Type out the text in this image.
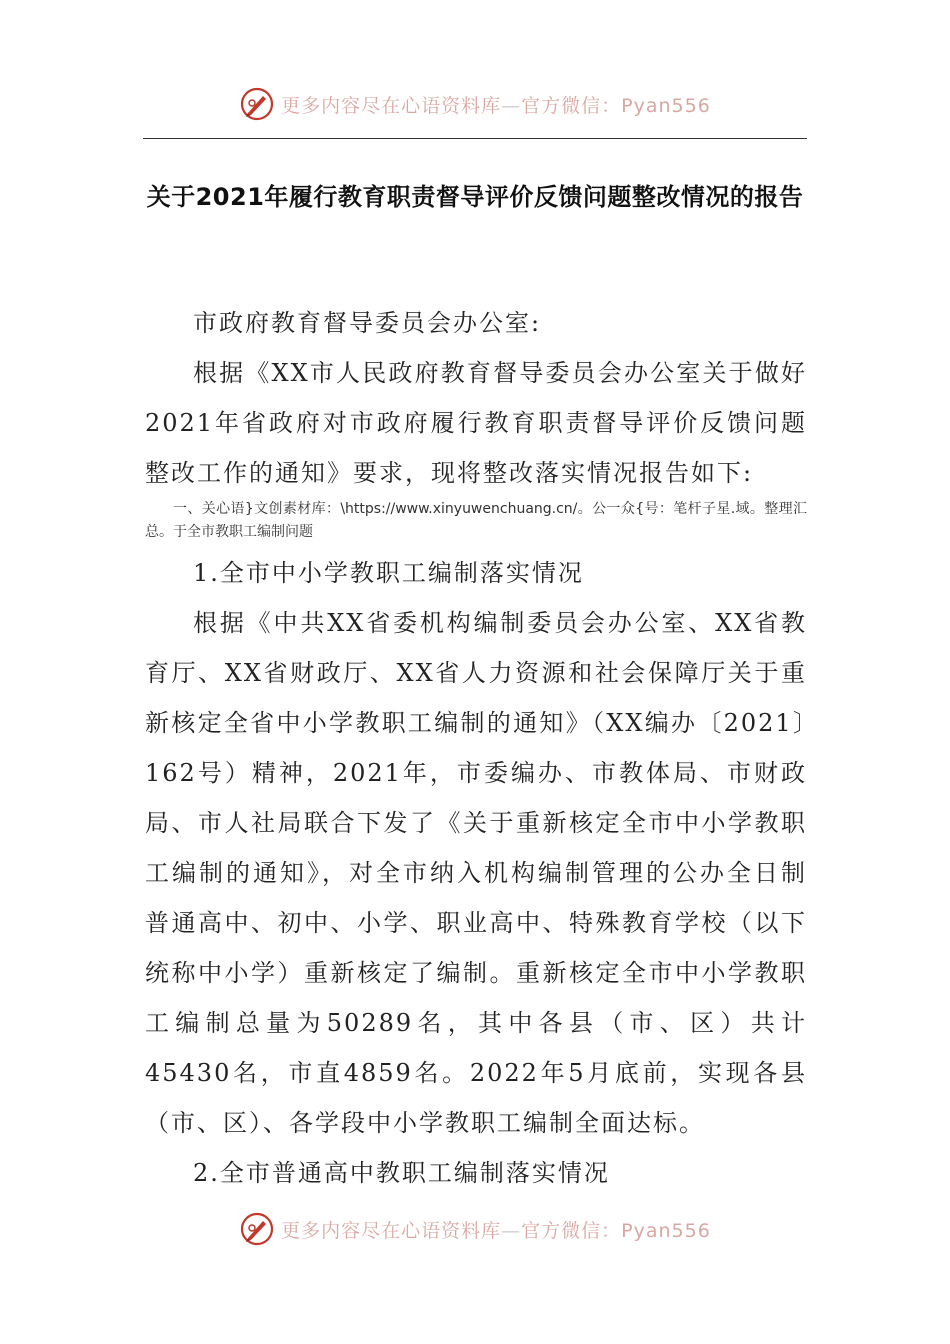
更多内容尽在心语资料库—官方微信：Pyan556
关于2021年履行教育职责督导评价反馈问题整改情况的报告

市政府教育督导委员会办公室:

根据《XX市人民政府教育督导委员会办公室关于做好2021年省政府对市政府履行教育职责督导评价反馈问题整改工作的通知》要求，现将整改落实情况报告如下:

一、关心语}文创素材库：\https://www.xinyuwenchuang.cn/。公一众{号：笔杆子星.域。整理汇总。于全市教职工编制问题

1.全市中小学教职工编制落实情况

根据《中共XX省委机构编制委员会办公室、XX省教育厅、XX省财政厅、XX省人力资源和社会保障厅关于重新核定全省中小学教职工编制的通知》（XX编办〔2021〕162号）精神，2021年，市委编办、市教体局、市财政局、市人社局联合下发了《关于重新核定全市中小学教职工编制的通知》，对全市纳入机构编制管理的公办全日制普通高中、初中、小学、职业高中、特殊教育学校（以下统称中小学）重新核定了编制。重新核定全市中小学教职工编制总量为50289名，其中各县（市、区）共计45430名，市直4859名。2022年5月底前，实现各县（市、区）、各学段中小学教职工编制全面达标。

2.全市普通高中教职工编制落实情况

更多内容尽在心语资料库—官方微信：Pyan556
